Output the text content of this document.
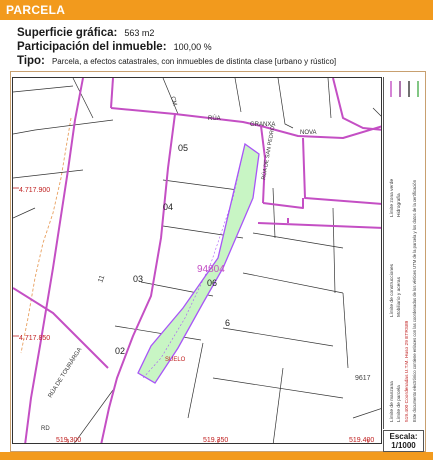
PARCELA
Superficie gráfica: 563 m2
Participación del inmueble: 100,00 %
Tipo: Parcela, a efectos catastrales, con inmuebles de distinta clase [urbano y rústico]
4.717.900
4.717.850
519.300	519.350	519.400
05
04
03
02
06
6
94804
SUELO
9617
CM
RÚA
GRANXA
NOVA
RÚA DE SAN PEDRO
RÚA DE TOURÁRGA
11
RD
Límite de manzana Límite de parcela
Límite de construcciones Mobiliario y aceras
Límite zona verde Hidrografía
519.400 Coordenadas U.T.M. Huso 29 ETRS89 Este documento electrónico contiene enlaces con las coordenadas de los vértices UTM de la parcela y los datos de la certificación
Escala:
1/1000
